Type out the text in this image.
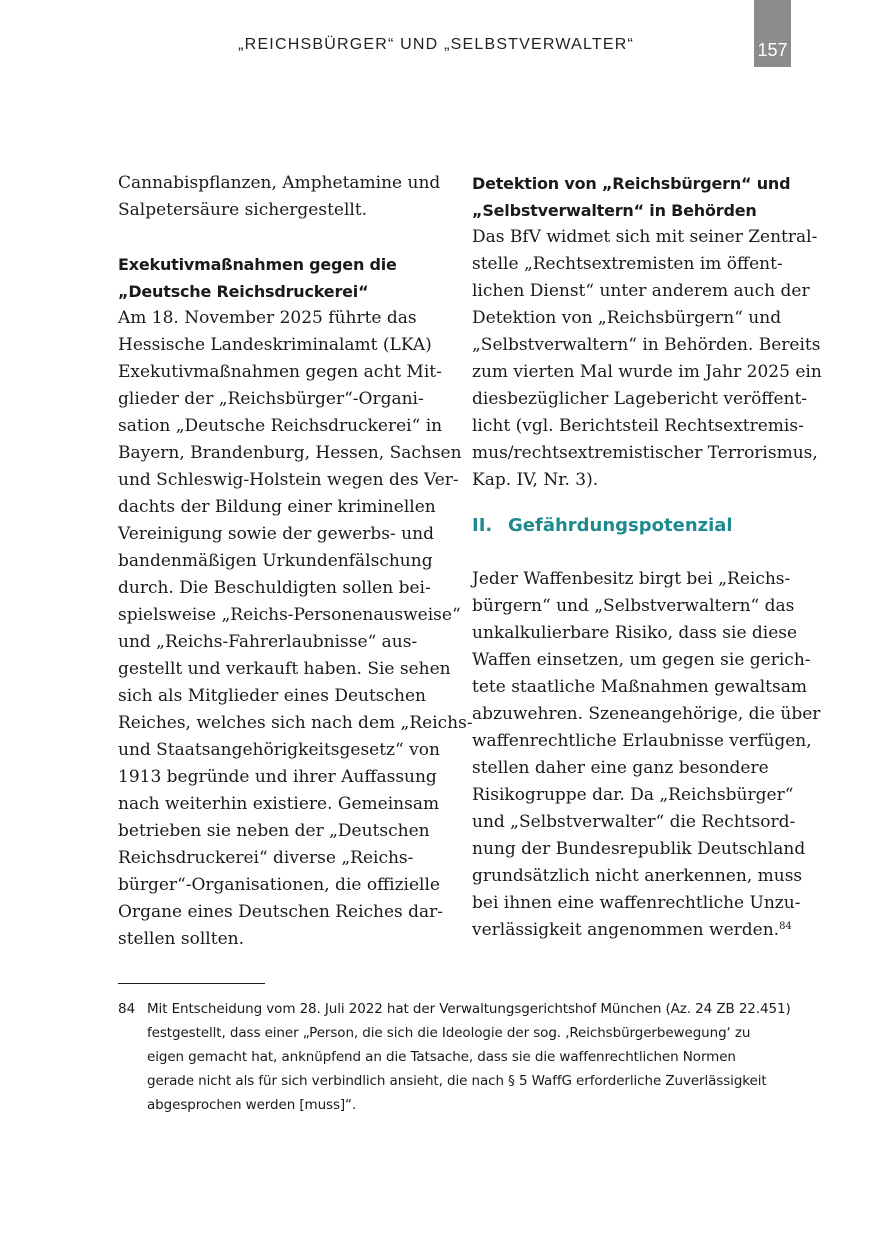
„REICHSBÜRGER“ UND „SELBSTVERWALTER“	157
Cannabispflanzen, Amphetamine und
Salpetersäure sichergestellt.
Exekutivmaßnahmen gegen die
„Deutsche Reichsdruckerei“
Am 18. November 2025 führte das
Hessische Landeskriminalamt (LKA)
Exekutivmaßnahmen gegen acht Mit-
glieder der „Reichsbürger“-Organi-
sation „Deutsche Reichsdruckerei“ in
Bayern, Brandenburg, Hessen, Sachsen
und Schleswig-Holstein wegen des Ver-
dachts der Bildung einer kriminellen
Vereinigung sowie der gewerbs- und
bandenmäßigen Urkundenfälschung
durch. Die Beschuldigten sollen bei-
spielsweise „Reichs-Personenausweise“
und „Reichs-Fahrerlaubnisse“ aus-
gestellt und verkauft haben. Sie sehen
sich als Mitglieder eines Deutschen
Reiches, welches sich nach dem „Reichs-
und Staatsangehörigkeitsgesetz“ von
1913 begründe und ihrer Auffassung
nach weiterhin existiere. Gemeinsam
betrieben sie neben der „Deutschen
Reichsdruckerei“ diverse „Reichs-
bürger“-Organisationen, die offizielle
Organe eines Deutschen Reiches dar-
stellen sollten.
Detektion von „Reichsbürgern“ und
„Selbstverwaltern“ in Behörden
Das BfV widmet sich mit seiner Zentral-
stelle „Rechtsextremisten im öffent-
lichen Dienst“ unter anderem auch der
Detektion von „Reichsbürgern“ und
„Selbstverwaltern“ in Behörden. Bereits
zum vierten Mal wurde im Jahr 2025 ein
diesbezüglicher Lagebericht veröffent-
licht (vgl. Berichtsteil Rechtsextremis-
mus/rechtsextremistischer Terrorismus,
Kap. IV, Nr. 3).
II. Gefährdungspotenzial
Jeder Waffenbesitz birgt bei „Reichs-
bürgern“ und „Selbstverwaltern“ das
unkalkulierbare Risiko, dass sie diese
Waffen einsetzen, um gegen sie gerich-
tete staatliche Maßnahmen gewaltsam
abzuwehren. Szeneangehörige, die über
waffenrechtliche Erlaubnisse verfügen,
stellen daher eine ganz besondere
Risikogruppe dar. Da „Reichsbürger“
und „Selbstverwalter“ die Rechtsord-
nung der Bundesrepublik Deutschland
grundsätzlich nicht anerkennen, muss
bei ihnen eine waffenrechtliche Unzu-
verlässigkeit angenommen werden.$^{84}$
84 Mit Entscheidung vom 28. Juli 2022 hat der Verwaltungsgerichtshof München (Az. 24 ZB 22.451)
festgestellt, dass einer „Person, die sich die Ideologie der sog. ‚Reichsbürgerbewegung‘ zu
eigen gemacht hat, anknüpfend an die Tatsache, dass sie die waffenrechtlichen Normen
gerade nicht als für sich verbindlich ansieht, die nach § 5 WaffG erforderliche Zuverlässigkeit
abgesprochen werden [muss]“.
